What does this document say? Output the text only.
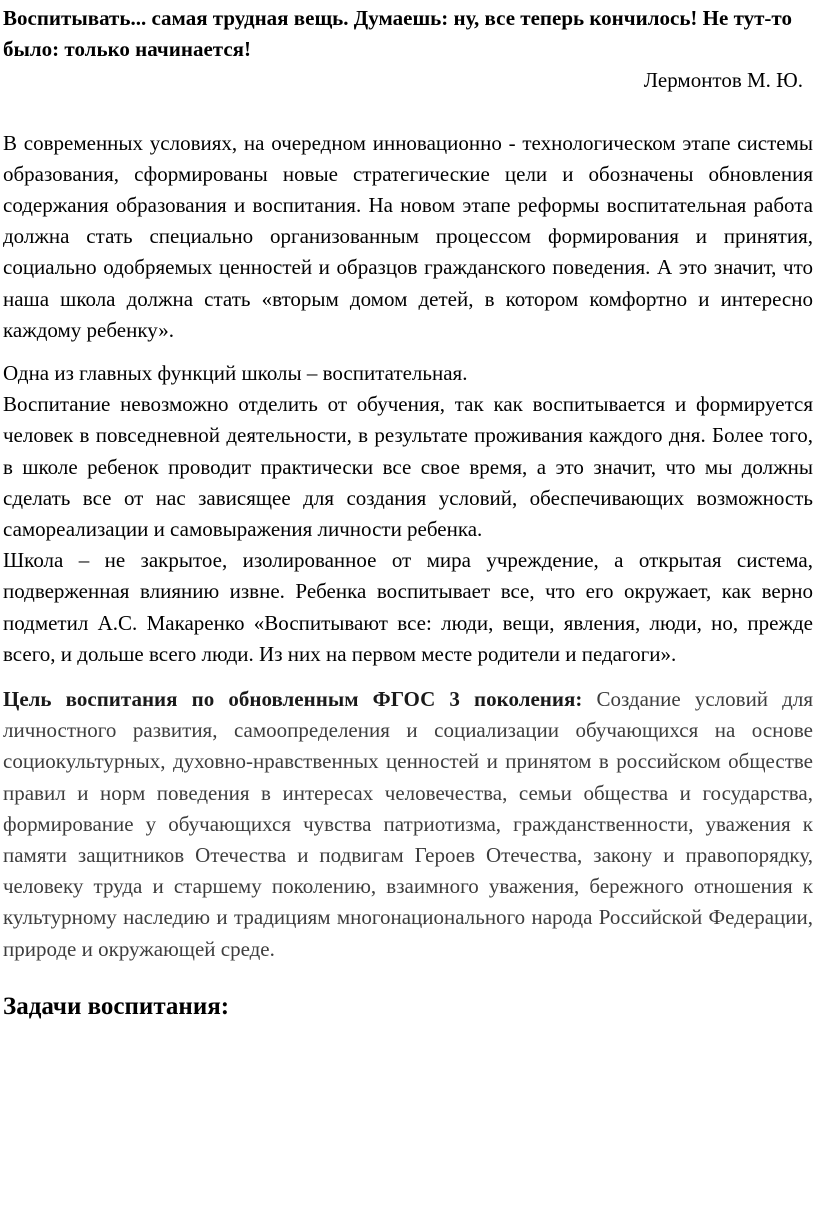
Воспитывать... самая трудная вещь. Думаешь: ну, все теперь кончилось! Не тут-то было: только начинается!

Лермонтов М. Ю.

В современных условиях, на очередном инновационно - технологическом этапе системы образования, сформированы новые стратегические цели и обозначены обновления содержания образования и воспитания. На новом этапе реформы воспитательная работа должна стать специально организованным процессом формирования и принятия, социально одобряемых ценностей и образцов гражданского поведения. А это значит, что наша школа должна стать «вторым домом детей, в котором комфортно и интересно каждому ребенку».

Одна из главных функций школы – воспитательная.

Воспитание невозможно отделить от обучения, так как воспитывается и формируется человек в повседневной деятельности, в результате проживания каждого дня. Более того, в школе ребенок проводит практически все свое время, а это значит, что мы должны сделать все от нас зависящее для создания условий, обеспечивающих возможность самореализации и самовыражения личности ребенка.

Школа – не закрытое, изолированное от мира учреждение, а открытая система, подверженная влиянию извне. Ребенка воспитывает все, что его окружает, как верно подметил А.С. Макаренко «Воспитывают все: люди, вещи, явления, люди, но, прежде всего, и дольше всего люди. Из них на первом месте родители и педагоги».

Цель воспитания по обновленным ФГОС 3 поколения: Создание условий для личностного развития, самоопределения и социализации обучающихся на основе социокультурных, духовно-нравственных ценностей и принятом в российском обществе правил и норм поведения в интересах человечества, семьи общества и государства, формирование у обучающихся чувства патриотизма, гражданственности, уважения к памяти защитников Отечества и подвигам Героев Отечества, закону и правопорядку, человеку труда и старшему поколению, взаимного уважения, бережного отношения к культурному наследию и традициям многонационального народа Российской Федерации, природе и окружающей среде.

Задачи воспитания:
